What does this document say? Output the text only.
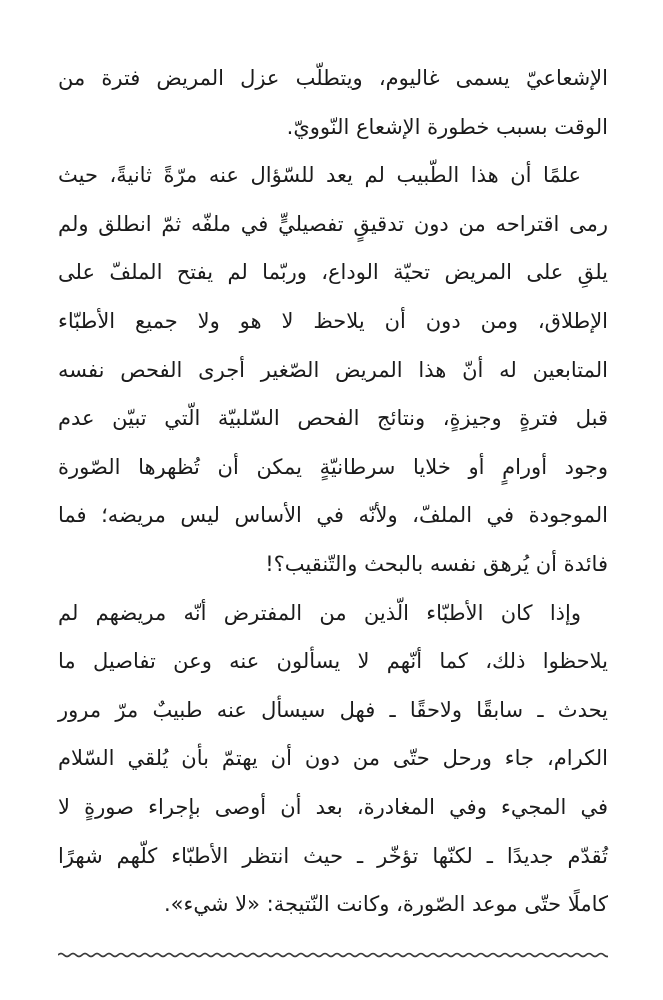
الإشعاعيّ يسمى غاليوم، ويتطلّب عزل المريض فترة من
الوقت بسبب خطورة الإشعاع النّوويّ.
علمًا أن هذا الطّبيب لم يعد للسّؤال عنه مرّةً ثانيةً، حيث
رمى اقتراحه من دون تدقيقٍ تفصيليٍّ في ملفّه ثمّ انطلق ولم
يلقِ على المريض تحيّة الوداع، وربّما لم يفتح الملفّ على
الإطلاق، ومن دون أن يلاحظ لا هو ولا جميع الأطبّاء
المتابعين له أنّ هذا المريض الصّغير أجرى الفحص نفسه
قبل فترةٍ وجيزةٍ، ونتائج الفحص السّلبيّة الّتي تبيّن عدم
وجود أورامٍ أو خلايا سرطانيّةٍ يمكن أن تُظهرها الصّورة
الموجودة في الملفّ، ولأنّه في الأساس ليس مريضه؛ فما
فائدة أن يُرهق نفسه بالبحث والتّنقيب؟!
وإذا كان الأطبّاء الّذين من المفترض أنّه مريضهم لم
يلاحظوا ذلك، كما أنّهم لا يسألون عنه وعن تفاصيل ما
يحدث ـ سابقًا ولاحقًا ـ فهل سيسأل عنه طبيبٌ مرّ مرور
الكرام، جاء ورحل حتّى من دون أن يهتمّ بأن يُلقي السّلام
في المجيء وفي المغادرة، بعد أن أوصى بإجراء صورةٍ لا
تُقدّم جديدًا ـ لكنّها تؤخّر ـ حيث انتظر الأطبّاء كلّهم شهرًا
كاملًا حتّى موعد الصّورة، وكانت النّتيجة: «لا شيء».
